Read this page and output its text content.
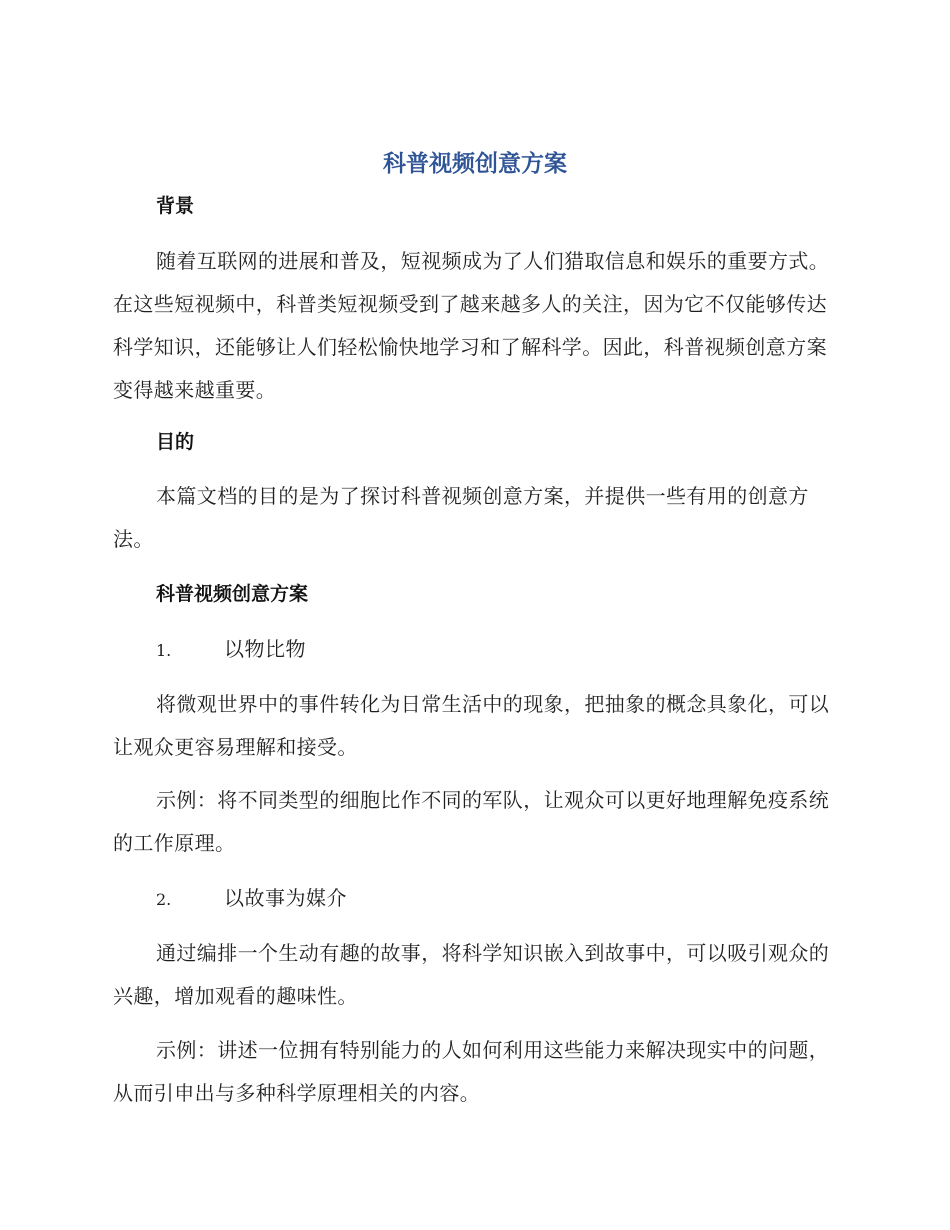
科普视频创意方案
背景

随着互联网的进展和普及，短视频成为了人们猎取信息和娱乐的重要方式。在这些短视频中，科普类短视频受到了越来越多人的关注，因为它不仅能够传达科学知识，还能够让人们轻松愉快地学习和了解科学。因此，科普视频创意方案变得越来越重要。

目的

本篇文档的目的是为了探讨科普视频创意方案，并提供一些有用的创意方法。

科普视频创意方案
1.	以物比物

将微观世界中的事件转化为日常生活中的现象，把抽象的概念具象化，可以让观众更容易理解和接受。

示例：将不同类型的细胞比作不同的军队，让观众可以更好地理解免疫系统的工作原理。

2.	以故事为媒介

通过编排一个生动有趣的故事，将科学知识嵌入到故事中，可以吸引观众的兴趣，增加观看的趣味性。

示例：讲述一位拥有特别能力的人如何利用这些能力来解决现实中的问题，从而引申出与多种科学原理相关的内容。
